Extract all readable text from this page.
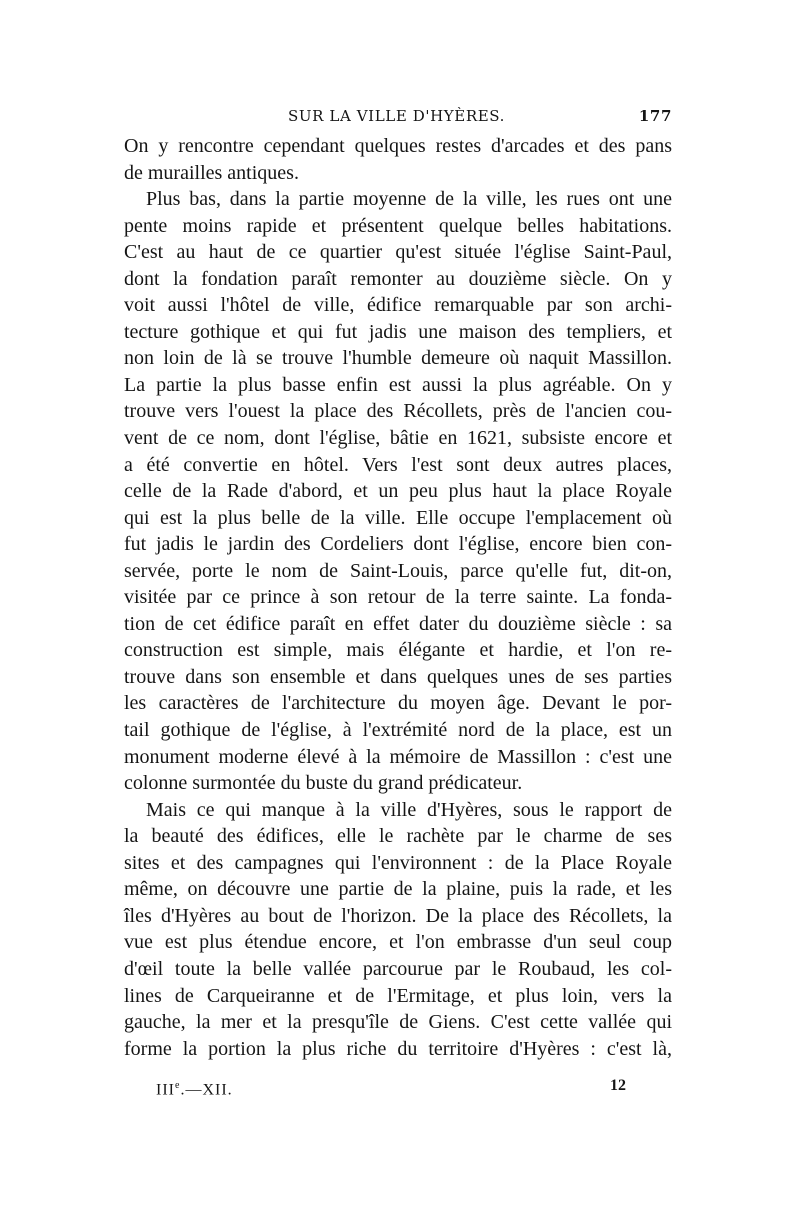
SUR LA VILLE D'HYÈRES.	177
On y rencontre cependant quelques restes d'arcades et des pans
de murailles antiques.
Plus bas, dans la partie moyenne de la ville, les rues ont une
pente moins rapide et présentent quelque belles habitations.
C'est au haut de ce quartier qu'est située l'église Saint-Paul,
dont la fondation paraît remonter au douzième siècle. On y
voit aussi l'hôtel de ville, édifice remarquable par son archi-
tecture gothique et qui fut jadis une maison des templiers, et
non loin de là se trouve l'humble demeure où naquit Massillon.
La partie la plus basse enfin est aussi la plus agréable. On y
trouve vers l'ouest la place des Récollets, près de l'ancien cou-
vent de ce nom, dont l'église, bâtie en 1621, subsiste encore et
a été convertie en hôtel. Vers l'est sont deux autres places,
celle de la Rade d'abord, et un peu plus haut la place Royale
qui est la plus belle de la ville. Elle occupe l'emplacement où
fut jadis le jardin des Cordeliers dont l'église, encore bien con-
servée, porte le nom de Saint-Louis, parce qu'elle fut, dit-on,
visitée par ce prince à son retour de la terre sainte. La fonda-
tion de cet édifice paraît en effet dater du douzième siècle : sa
construction est simple, mais élégante et hardie, et l'on re-
trouve dans son ensemble et dans quelques unes de ses parties
les caractères de l'architecture du moyen âge. Devant le por-
tail gothique de l'église, à l'extrémité nord de la place, est un
monument moderne élevé à la mémoire de Massillon : c'est une
colonne surmontée du buste du grand prédicateur.
Mais ce qui manque à la ville d'Hyères, sous le rapport de
la beauté des édifices, elle le rachète par le charme de ses
sites et des campagnes qui l'environnent : de la Place Royale
même, on découvre une partie de la plaine, puis la rade, et les
îles d'Hyères au bout de l'horizon. De la place des Récollets, la
vue est plus étendue encore, et l'on embrasse d'un seul coup
d'œil toute la belle vallée parcourue par le Roubaud, les col-
lines de Carqueiranne et de l'Ermitage, et plus loin, vers la
gauche, la mer et la presqu'île de Giens. C'est cette vallée qui
forme la portion la plus riche du territoire d'Hyères : c'est là,
IIIe.—XII.	12
